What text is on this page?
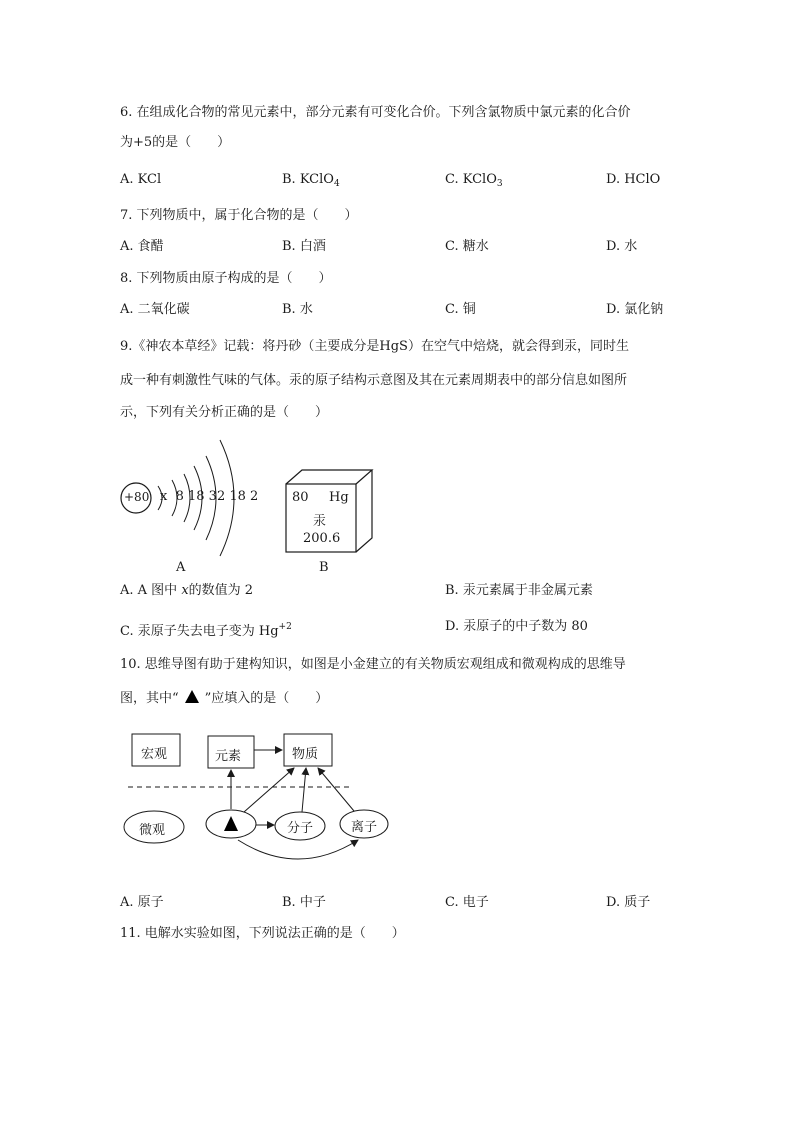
6. 在组成化合物的常见元素中，部分元素有可变化合价。下列含氯物质中氯元素的化合价
为+5的是（　　）
A. KCl	B. KClO$_4$	C. KClO$_3$	D. HClO
7. 下列物质中，属于化合物的是（　　）
A. 食醋	B. 白酒	C. 糖水	D. 水
8. 下列物质由原子构成的是（　　）
A. 二氧化碳	B. 水	C. 铜	D. 氯化钠
9.《神农本草经》记载：将丹砂（主要成分是HgS）在空气中焙烧，就会得到汞，同时生
成一种有刺激性气味的气体。汞的原子结构示意图及其在元素周期表中的部分信息如图所
示，下列有关分析正确的是（　　）
+80 x  8 18 32 18 2
A
80 Hg
汞
200.6
B
A. A 图中 x的数值为 2	B. 汞元素属于非金属元素
C. 汞原子失去电子变为 $Hg^{+2}$	D. 汞原子的中子数为 80
10. 思维导图有助于建构知识，如图是小金建立的有关物质宏观组成和微观构成的思维导
图，其中“ ”应填入的是（　　）
宏观	元素	物质
微观	分子	离子
A. 原子	B. 中子	C. 电子	D. 质子
11. 电解水实验如图，下列说法正确的是（　　）
